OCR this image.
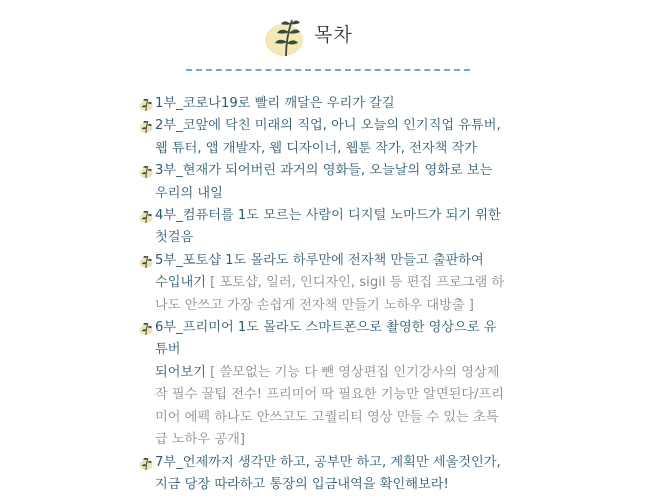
목차
1부_코로나19로 빨리 깨달은 우리가 갈길
2부_코앞에 닥친 미래의 직업, 아니 오늘의 인기직업 유튜버,
웹 튜터, 앱 개발자, 웹 디자이너, 웹툰 작가, 전자책 작가
3부_현재가 되어버린 과거의 영화들, 오늘날의 영화로 보는
우리의 내일
4부_컴퓨터를 1도 모르는 사람이 디지털 노마드가 되기 위한
첫걸음
5부_포토샵 1도 몰라도 하루만에 전자책 만들고 출판하여
수입내기 [ 포토샵, 일러, 인디자인, sigil 등 편집 프로그램 하
나도 안쓰고 가장 손쉽게 전자책 만들기 노하우 대방출 ]
6부_프리미어 1도 몰라도 스마트폰으로 촬영한 영상으로 유
튜버
되어보기 [ 쓸모없는 기능 다 뺀 영상편집 인기강사의 영상제
작 필수 꿀팁 전수! 프리미어 딱 필요한 기능만 알면된다/프리
미어 에펙 하나도 안쓰고도 고퀄리티 영상 만들 수 있는 초특
급 노하우 공개]
7부_언제까지 생각만 하고, 공부만 하고, 계획만 세울것인가,
지금 당장 따라하고 통장의 입금내역을 확인해보라!
